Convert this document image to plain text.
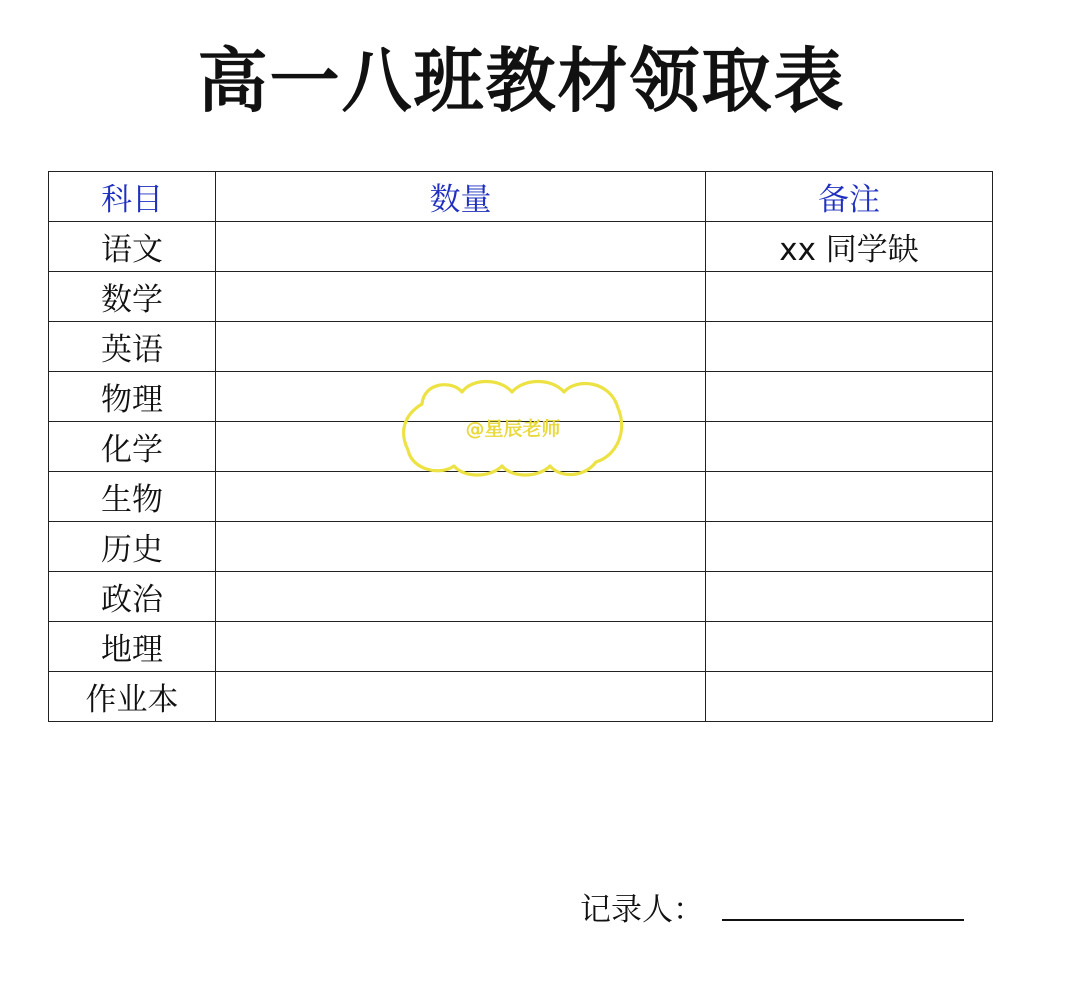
高一八班教材领取表
科目	数量	备注
语文		xx 同学缺
数学		
英语		
物理		
化学		
生物		
历史		
政治		
地理		
作业本		
@星辰老师
记录人：
